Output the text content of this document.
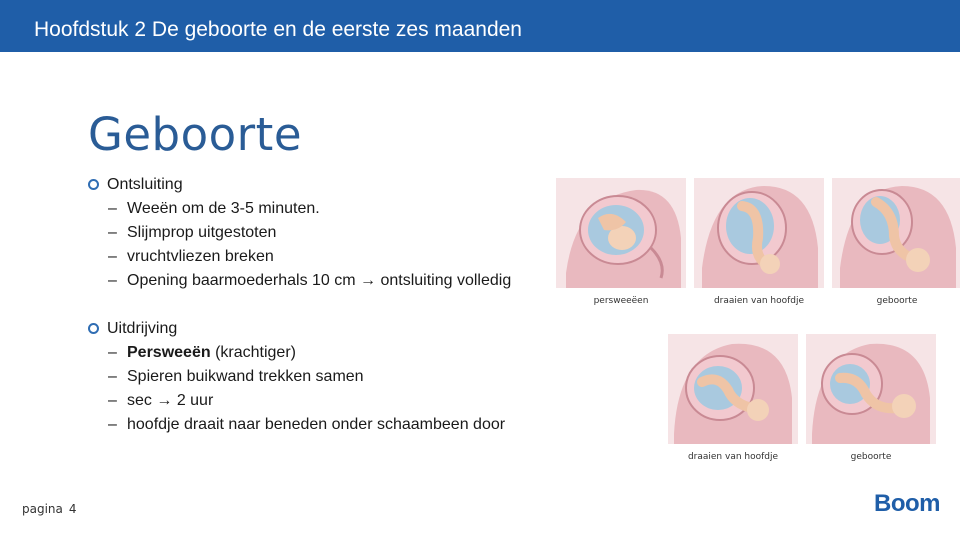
Hoofdstuk 2 De geboorte en de eerste zes maanden
Geboorte
Ontsluiting
– Weeën om de 3-5 minuten.
– Slijmprop uitgestoten
– vruchtvliezen breken
– Opening baarmoederhals 10 cm → ontsluiting volledig
Uitdrijving
– Persweeën (krachtiger)
– Spieren buikwand trekken samen
– sec → 2 uur
– hoofdje draait naar beneden onder schaambeen door
persweeëen	draaien van hoofdje	geboorte
draaien van hoofdje	geboorte
pagina 4	Boom
